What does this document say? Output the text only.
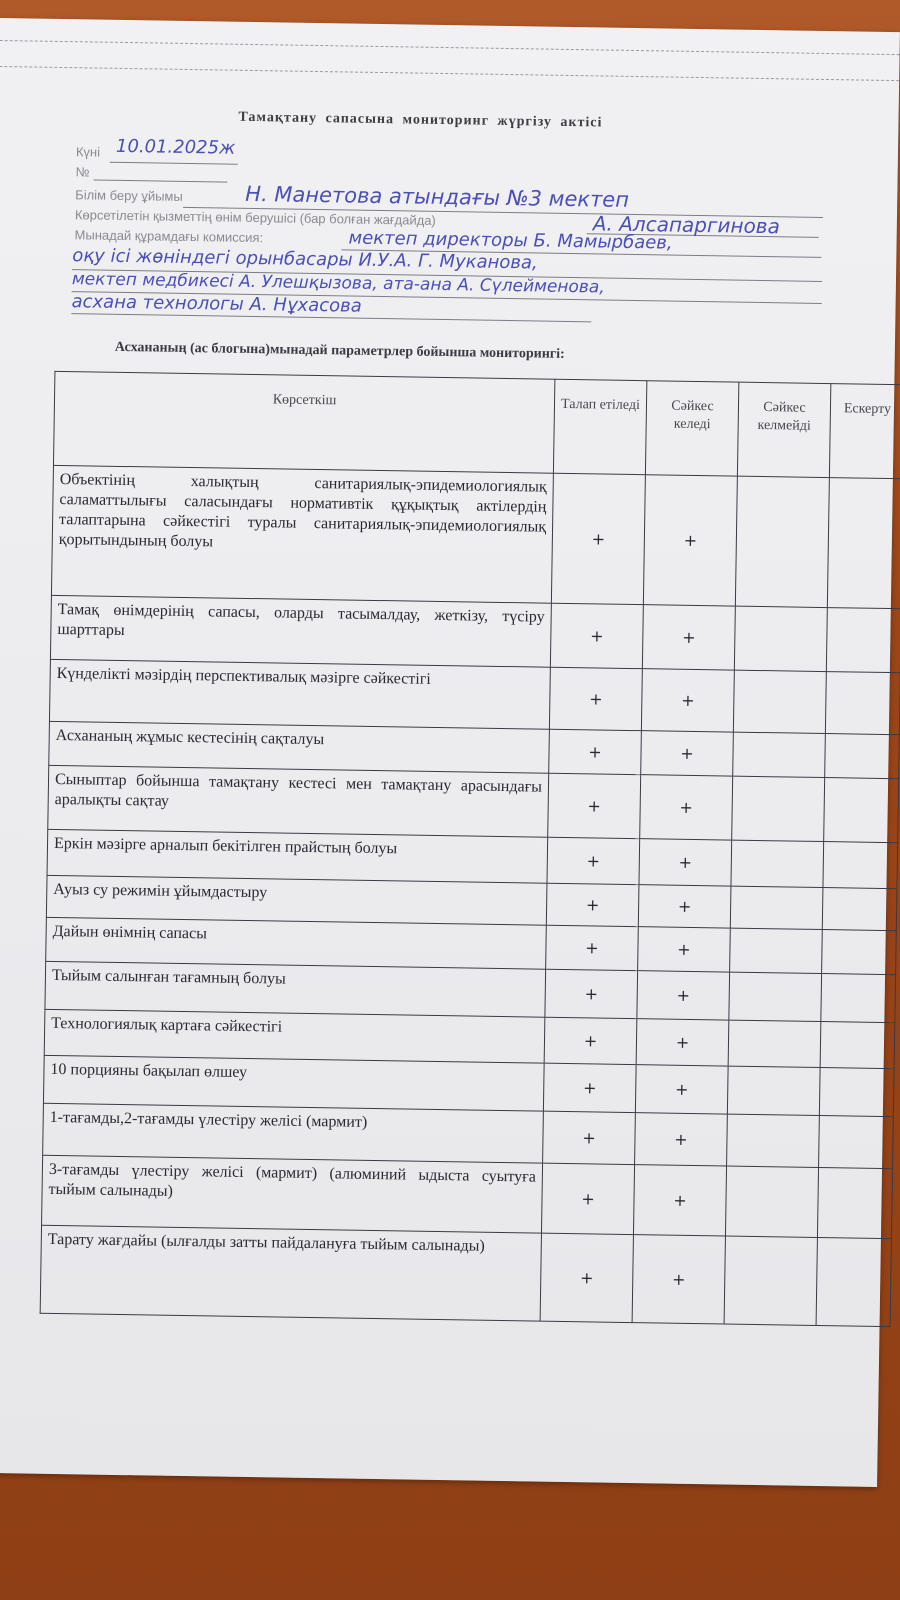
Тамақтану сапасына мониторинг жүргізу актісі
Күні 10.01.2025ж
№
Білім беру ұйымы	Н. Манетова атындағы №3 мектеп
Көрсетілетін қызметтің өнім берушісі (бар болған жағдайда)	А. Алсапаргинова
Мынадай құрамдағы комиссия:	мектеп директоры Б. Мамырбаев,
оқу ісі жөніндегі орынбасары И.У.А. Г. Муканова,
мектеп медбикесі А. Улешқызова, ата-ана А. Сүлейменова,
асхана технологы А. Нұхасова
Асхананың (ас блогына)мынадай параметрлер бойынша мониторингі:
Көрсеткіш	Талап етіледі	Сәйкес келеді	Сәйкес келмейді	Ескерту
Объектінің халықтың санитариялық-эпидемиологиялық саламаттылығы саласындағы нормативтік құқықтық актілердің талаптарына сәйкестігі туралы санитариялық-эпидемиологиялық қорытындының болуы	+	+		
Тамақ өнімдерінің сапасы, оларды тасымалдау, жеткізу, түсіру шарттары	+	+		
Күнделікті мәзірдің перспективалық мәзірге сәйкестігі	+	+		
Асхананың жұмыс кестесінің сақталуы	+	+		
Сыныптар бойынша тамақтану кестесі мен тамақтану арасындағы аралықты сақтау	+	+		
Еркін мәзірге арналып бекітілген прайстың болуы	+	+		
Ауыз су режимін ұйымдастыру	+	+		
Дайын өнімнің сапасы	+	+		
Тыйым салынған тағамның болуы	+	+		
Технологиялық картаға сәйкестігі	+	+		
10 порцияны бақылап өлшеу	+	+		
1-тағамды,2-тағамды үлестіру желісі (мармит)	+	+		
3-тағамды үлестіру желісі (мармит) (алюминий ыдыста суытуға тыйым салынады)	+	+		
Тарату жағдайы (ылғалды затты пайдалануға тыйым салынады)	+	+		
